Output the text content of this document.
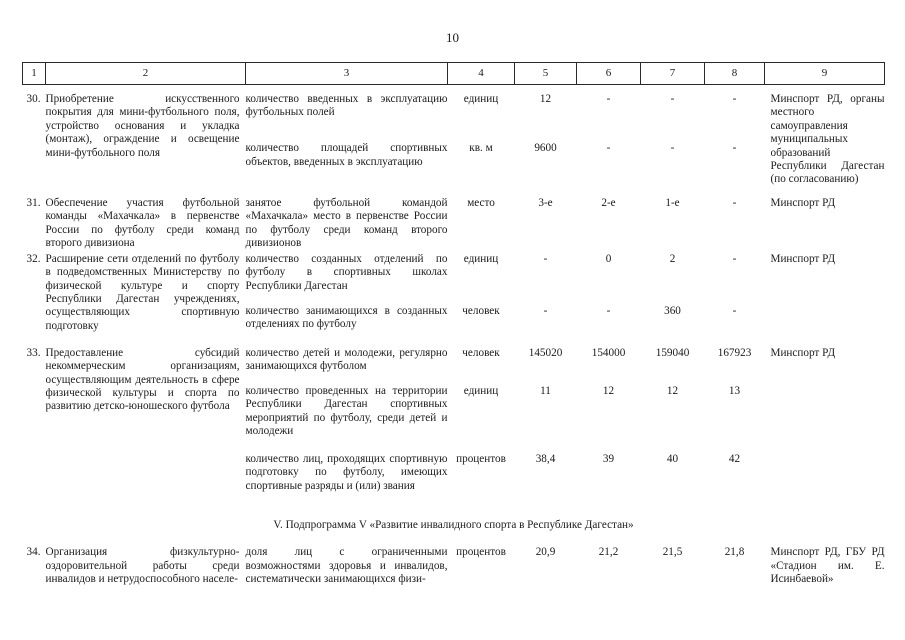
10
1	2	3	4	5	6	7	8	9

30.	Приобретение искусственного покрытия для мини-футбольного поля, устройство основания и укладка (монтаж), ограждение и освещение мини-футбольного поля	количество введенных в эксплуатацию футбольных полей	единиц	12	-	-	-	Минспорт РД, органы местного самоуправления муниципальных образований Республики Дагестан (по согласованию)
		количество площадей спортивных объектов, введенных в эксплуатацию	кв. м	9600	-	-	-	

31.	Обеспечение участия футбольной команды «Махачкала» в первенстве России по футболу среди команд второго дивизиона	занятое футбольной командой «Махачкала» место в первенстве России по футболу среди команд второго дивизионов	место	3-е	2-е	1-е	-	Минспорт РД
32.	Расширение сети отделений по футболу в подведомственных Министерству по физической культуре и спорту Республики Дагестан учреждениях, осуществляющих спортивную подготовку	количество созданных отделений по футболу в спортивных школах Республики Дагестан	единиц	-	0	2	-	Минспорт РД
		количество занимающихся в созданных отделениях по футболу	человек	-	-	360	-	
33.	Предоставление субсидий некоммерческим организациям, осуществляющим деятельность в сфере физической культуры и спорта по развитию детско-юношеского футбола	количество детей и молодежи, регулярно занимающихся футболом	человек	145020	154000	159040	167923	Минспорт РД
		количество проведенных на территории Республики Дагестан спортивных мероприятий по футболу, среди детей и молодежи	единиц	11	12	12	13	
		количество лиц, проходящих спортивную подготовку по футболу, имеющих спортивные разряды и (или) звания	процентов	38,4	39	40	42	
V. Подпрограмма V «Развитие инвалидного спорта в Республике Дагестан»								
34.	Организация физкультурно-оздоровительной работы среди инвалидов и нетрудоспособного населе-	доля лиц с ограниченными возможностями здоровья и инвалидов, систематически занимающихся физи-	процентов	20,9	21,2	21,5	21,8	Минспорт РД, ГБУ РД «Стадион им. Е. Исинбаевой»
